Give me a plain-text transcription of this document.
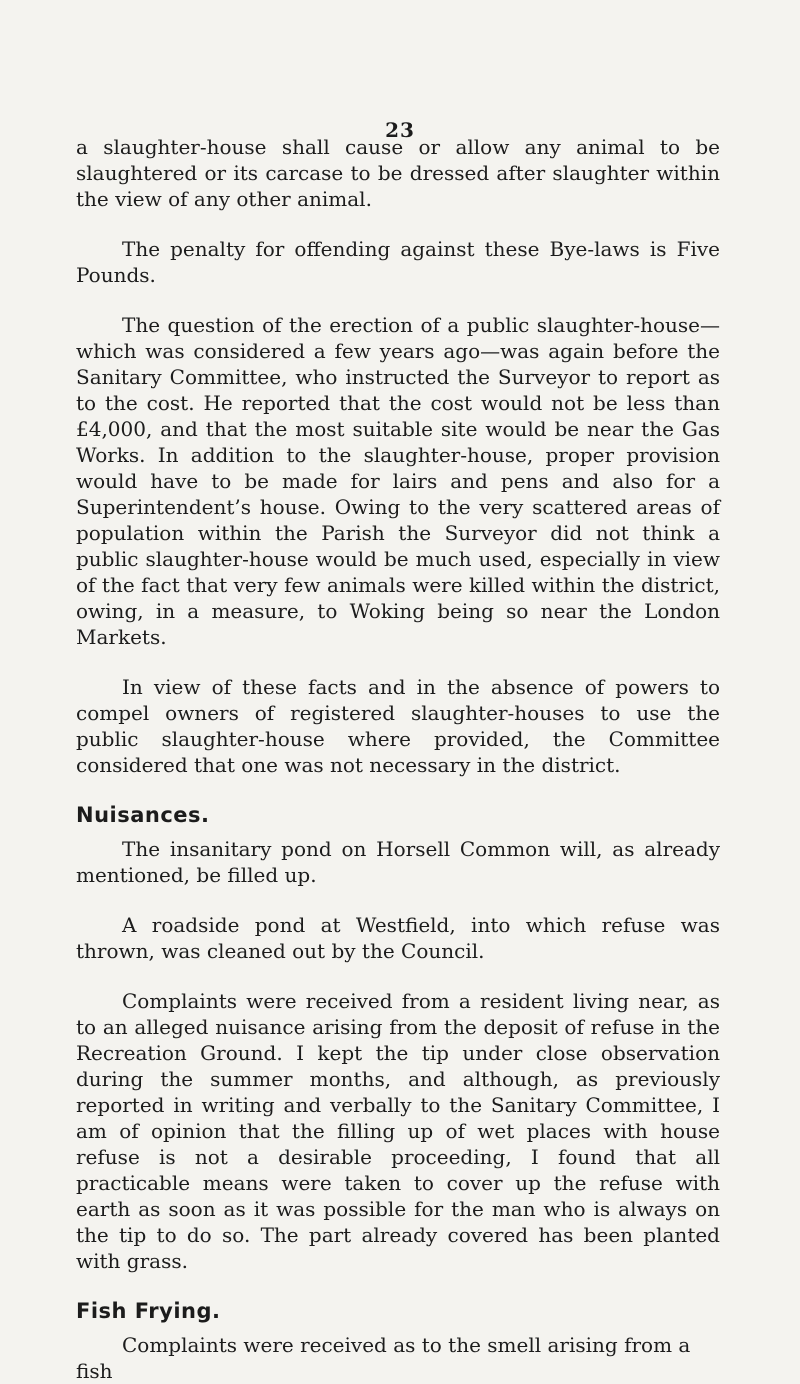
23

a slaughter-house shall cause or allow any animal to be slaughtered or its carcase to be dressed after slaughter within the view of any other animal.

The penalty for offending against these Bye-laws is Five Pounds.

The question of the erection of a public slaughter-house—which was considered a few years ago—was again before the Sanitary Committee, who instructed the Surveyor to report as to the cost. He reported that the cost would not be less than £4,000, and that the most suitable site would be near the Gas Works. In addition to the slaughter-house, proper provision would have to be made for lairs and pens and also for a Superintendent’s house. Owing to the very scattered areas of population within the Parish the Surveyor did not think a public slaughter-house would be much used, especially in view of the fact that very few animals were killed within the district, owing, in a measure, to Woking being so near the London Markets.

In view of these facts and in the absence of powers to compel owners of registered slaughter-houses to use the public slaughter-house where provided, the Committee considered that one was not necessary in the district.

Nuisances.

The insanitary pond on Horsell Common will, as already mentioned, be filled up.

A roadside pond at Westfield, into which refuse was thrown, was cleaned out by the Council.

Complaints were received from a resident living near, as to an alleged nuisance arising from the deposit of refuse in the Recreation Ground. I kept the tip under close observation during the summer months, and although, as previously reported in writing and verbally to the Sanitary Committee, I am of opinion that the filling up of wet places with house refuse is not a desirable proceeding, I found that all practicable means were taken to cover up the refuse with earth as soon as it was possible for the man who is always on the tip to do so. The part already covered has been planted with grass.

Fish Frying.

Complaints were received as to the smell arising from a fish
